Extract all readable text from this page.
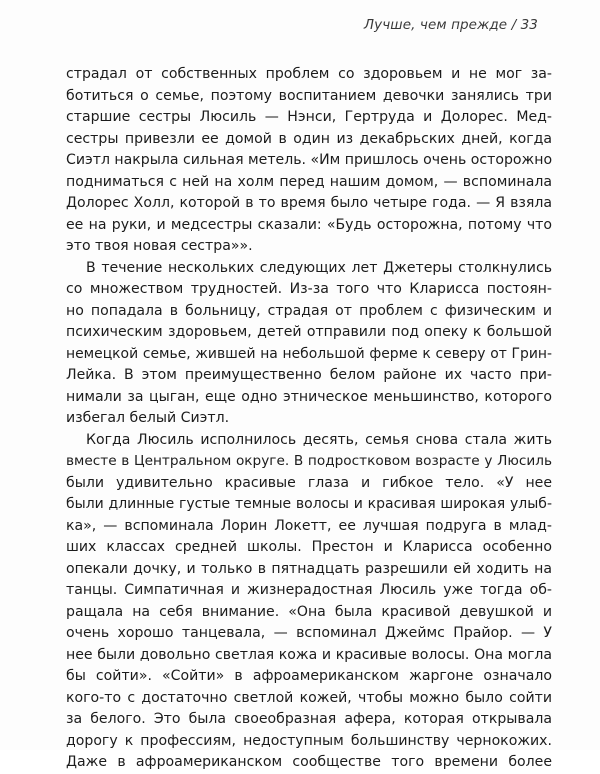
Лучше, чем прежде / 33
страдал от собственных проблем со здоровьем и не мог за-
ботиться о семье, поэтому воспитанием девочки занялись три
старшие сестры Люсиль — Нэнси, Гертруда и Долорес. Мед-
сестры привезли ее домой в один из декабрьских дней, когда
Сиэтл накрыла сильная метель. «Им пришлось очень осторожно
подниматься с ней на холм перед нашим домом, — вспоминала
Долорес Холл, которой в то время было четыре года. — Я взяла
ее на руки, и медсестры сказали: «Будь осторожна, потому что
это твоя новая сестра»».
В течение нескольких следующих лет Джетеры столкнулись
со множеством трудностей. Из-за того что Кларисса постоян-
но попадала в больницу, страдая от проблем с физическим и
психическим здоровьем, детей отправили под опеку к большой
немецкой семье, жившей на небольшой ферме к северу от Грин-
Лейка. В этом преимущественно белом районе их часто при-
нимали за цыган, еще одно этническое меньшинство, которого
избегал белый Сиэтл.
Когда Люсиль исполнилось десять, семья снова стала жить
вместе в Центральном округе. В подростковом возрасте у Люсиль
были удивительно красивые глаза и гибкое тело. «У нее
были длинные густые темные волосы и красивая широкая улыб-
ка», — вспоминала Лорин Локетт, ее лучшая подруга в млад-
ших классах средней школы. Престон и Кларисса особенно
опекали дочку, и только в пятнадцать разрешили ей ходить на
танцы. Симпатичная и жизнерадостная Люсиль уже тогда об-
ращала на себя внимание. «Она была красивой девушкой и
очень хорошо танцевала, — вспоминал Джеймс Прайор. — У
нее были довольно светлая кожа и красивые волосы. Она могла
бы сойти». «Сойти» в афроамериканском жаргоне означало
кого-то с достаточно светлой кожей, чтобы можно было сойти
за белого. Это была своеобразная афера, которая открывала
дорогу к профессиям, недоступным большинству чернокожих.
Даже в афроамериканском сообществе того времени более
